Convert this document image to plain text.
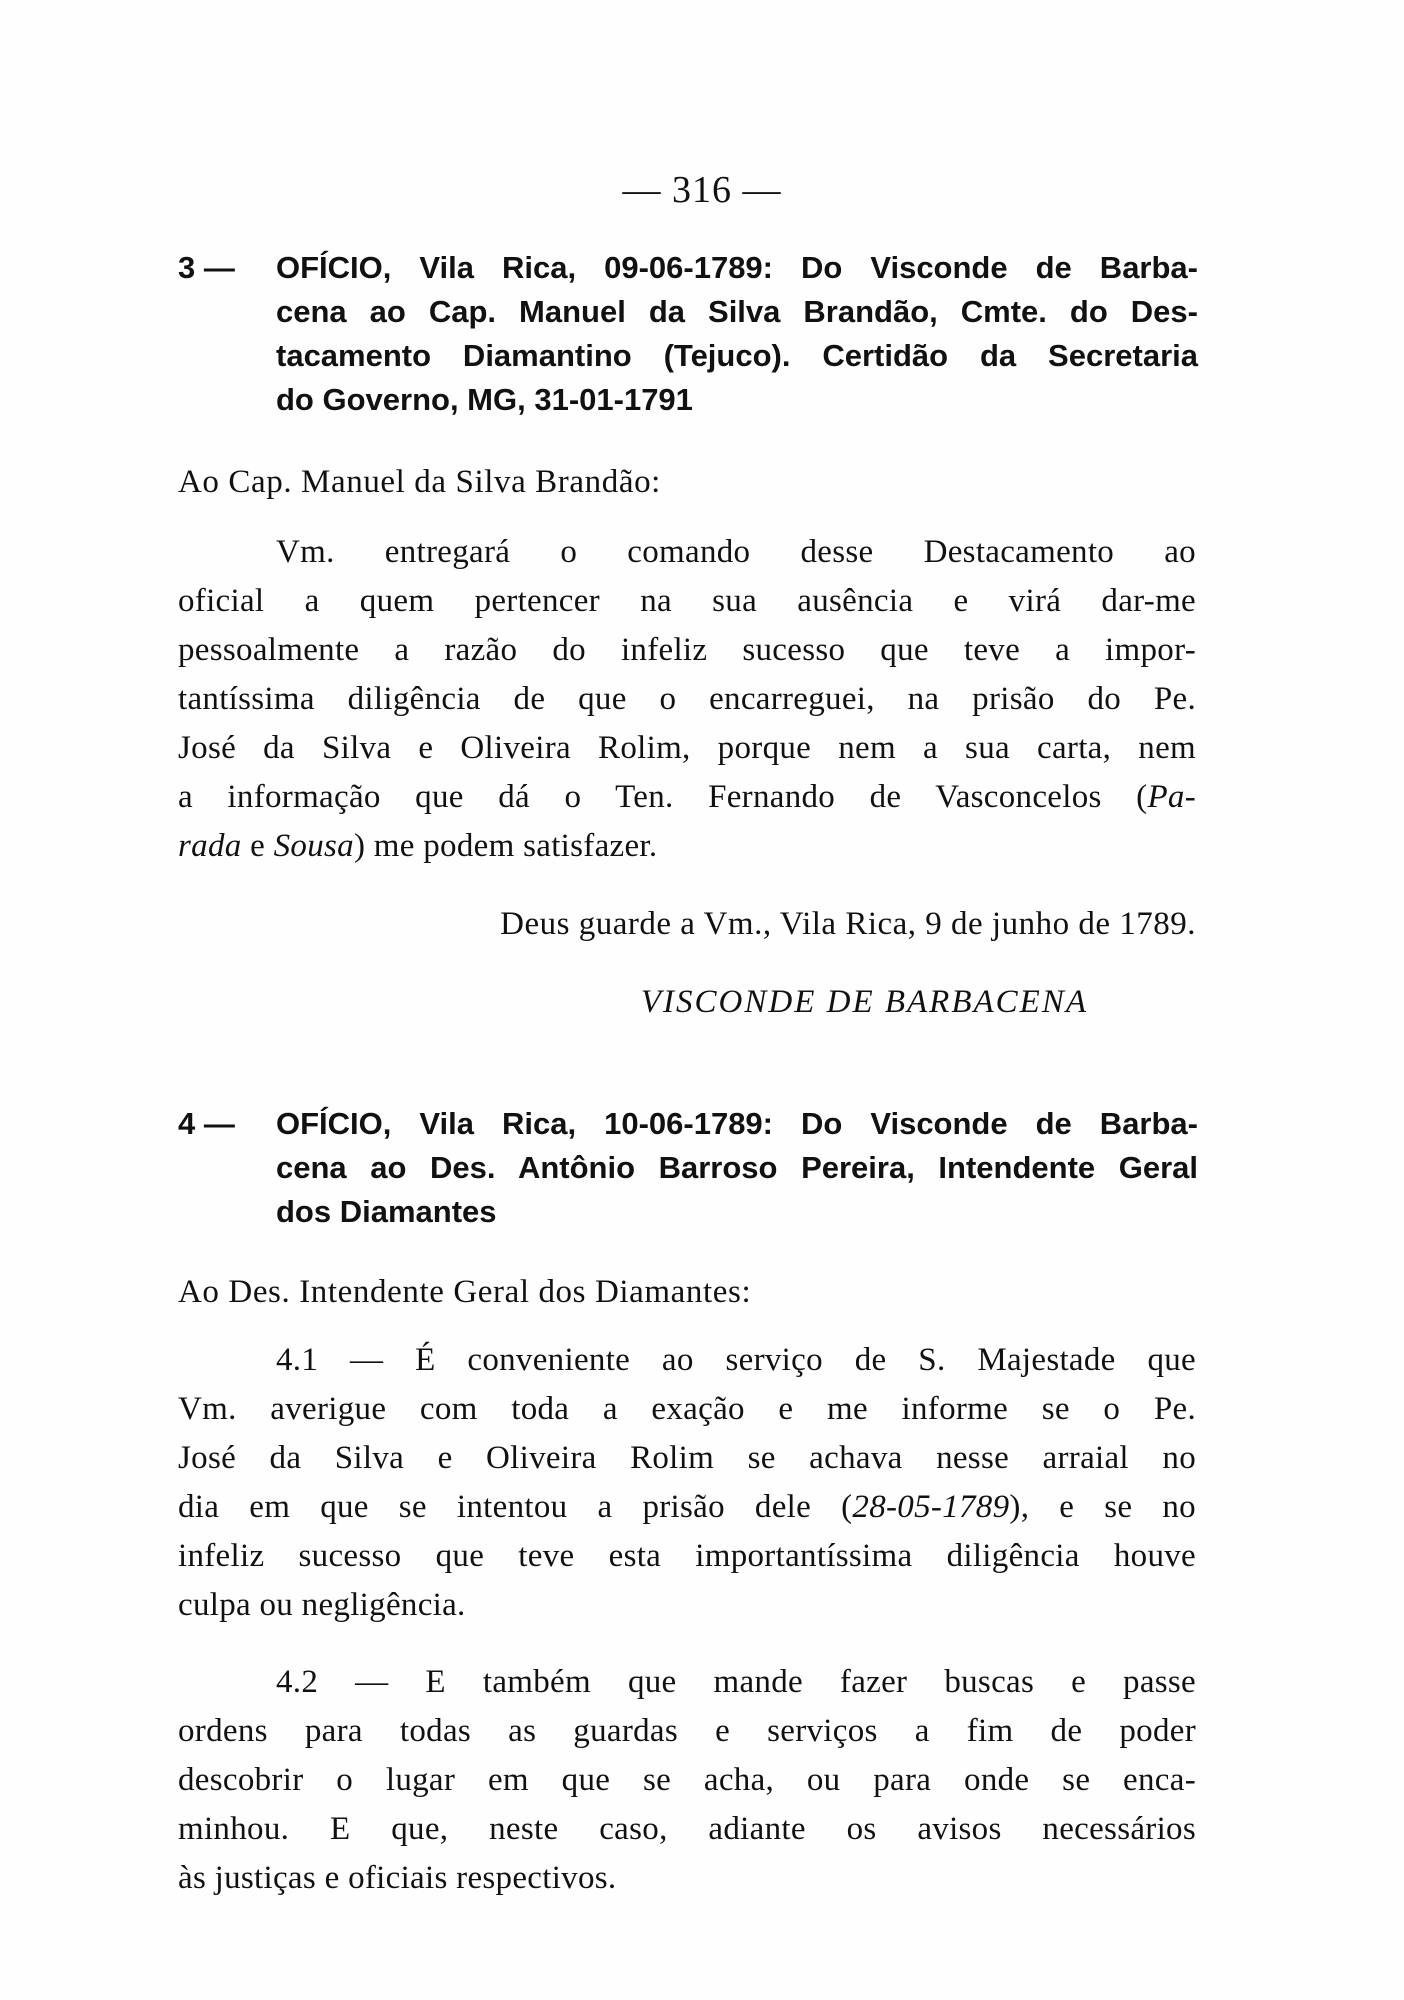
— 316 —
3 —	OFÍCIO, Vila Rica, 09-06-1789: Do Visconde de Barba-
cena ao Cap. Manuel da Silva Brandão, Cmte. do Des-
tacamento Diamantino (Tejuco). Certidão da Secretaria
do Governo, MG, 31-01-1791
Ao Cap. Manuel da Silva Brandão:
Vm. entregará o comando desse Destacamento ao
oficial a quem pertencer na sua ausência e virá dar-me
pessoalmente a razão do infeliz sucesso que teve a impor-
tantíssima diligência de que o encarreguei, na prisão do Pe.
José da Silva e Oliveira Rolim, porque nem a sua carta, nem
a informação que dá o Ten. Fernando de Vasconcelos (Pa-
rada e Sousa) me podem satisfazer.
Deus guarde a Vm., Vila Rica, 9 de junho de 1789.
VISCONDE DE BARBACENA
4 —	OFÍCIO, Vila Rica, 10-06-1789: Do Visconde de Barba-
cena ao Des. Antônio Barroso Pereira, Intendente Geral
dos Diamantes
Ao Des. Intendente Geral dos Diamantes:
4.1 — É conveniente ao serviço de S. Majestade que
Vm. averigue com toda a exação e me informe se o Pe.
José da Silva e Oliveira Rolim se achava nesse arraial no
dia em que se intentou a prisão dele (28-05-1789), e se no
infeliz sucesso que teve esta importantíssima diligência houve
culpa ou negligência.
4.2 — E também que mande fazer buscas e passe
ordens para todas as guardas e serviços a fim de poder
descobrir o lugar em que se acha, ou para onde se enca-
minhou. E que, neste caso, adiante os avisos necessários
às justiças e oficiais respectivos.
